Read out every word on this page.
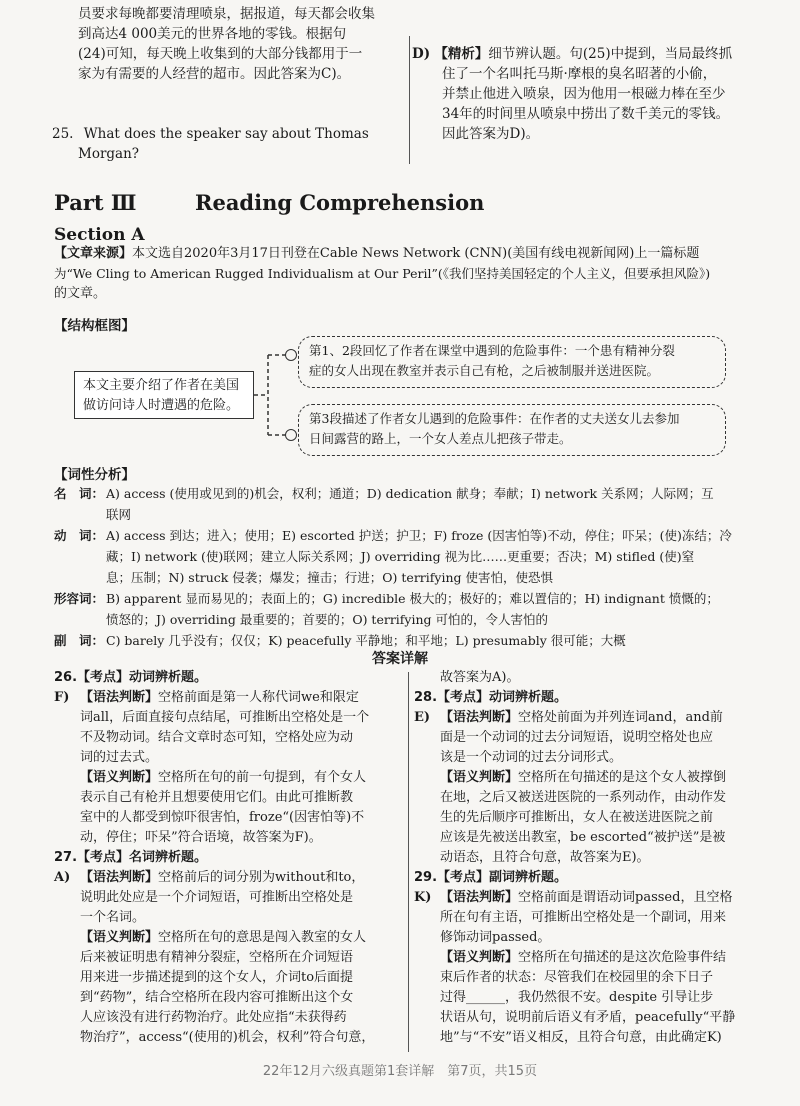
员要求每晚都要清理喷泉，据报道，每天都会收集
到高达4 000美元的世界各地的零钱。根据句
(24)可知，每天晚上收集到的大部分钱都用于一
家为有需要的人经营的超市。因此答案为C)。
25. What does the speaker say about Thomas
Morgan?
D) 【精析】细节辨认题。句(25)中提到，当局最终抓
住了一个名叫托马斯·摩根的臭名昭著的小偷，
并禁止他进入喷泉，因为他用一根磁力棒在至少
34年的时间里从喷泉中捞出了数千美元的零钱。
因此答案为D)。
Part Ⅲ	Reading Comprehension
Section A
【文章来源】本文选自2020年3月17日刊登在Cable News Network (CNN)(美国有线电视新闻网)上一篇标题
为“We Cling to American Rugged Individualism at Our Peril”(《我们坚持美国轻定的个人主义，但要承担风险》)
的文章。
【结构框图】
本文主要介绍了作者在美国
做访问诗人时遭遇的危险。
第1、2段回忆了作者在课堂中遇到的危险事件：一个患有精神分裂
症的女人出现在教室并表示自己有枪，之后被制服并送进医院。
第3段描述了作者女儿遇到的危险事件：在作者的丈夫送女儿去参加
日间露营的路上，一个女人差点儿把孩子带走。
【词性分析】
名　词： A) access (使用或见到的)机会，权利；通道；D) dedication 献身；奉献；I) network 关系网；人际网；互
联网
动　词： A) access 到达；进入；使用；E) escorted 护送；护卫；F) froze (因害怕等)不动，停住；吓呆；(使)冻结；冷
藏；I) network (使)联网；建立人际关系网；J) overriding 视为比……更重要；否决；M) stifled (使)窒
息；压制；N) struck 侵袭；爆发；撞击；行进；O) terrifying 使害怕，使恐惧
形容词： B) apparent 显而易见的；表面上的；G) incredible 极大的；极好的；难以置信的；H) indignant 愤慨的；
愤怒的；J) overriding 最重要的；首要的；O) terrifying 可怕的，令人害怕的
副　词： C) barely 几乎没有；仅仅；K) peacefully 平静地；和平地；L) presumably 很可能；大概
答案详解
26.【考点】动词辨析题。
F) 【语法判断】空格前面是第一人称代词we和限定
词all，后面直接句点结尾，可推断出空格处是一个
不及物动词。结合文章时态可知，空格处应为动
词的过去式。
【语义判断】空格所在句的前一句提到，有个女人
表示自己有枪并且想要使用它们。由此可推断教
室中的人都受到惊吓很害怕，froze“(因害怕等)不
动，停住；吓呆”符合语境，故答案为F)。
27.【考点】名词辨析题。
A) 【语法判断】空格前后的词分别为without和to，
说明此处应是一个介词短语，可推断出空格处是
一个名词。
【语义判断】空格所在句的意思是闯入教室的女人
后来被证明患有精神分裂症，空格所在介词短语
用来进一步描述提到的这个女人，介词to后面提
到“药物”，结合空格所在段内容可推断出这个女
人应该没有进行药物治疗。此处应指“未获得药
物治疗”，access“(使用的)机会，权利”符合句意，
故答案为A)。
28.【考点】动词辨析题。
E) 【语法判断】空格处前面为并列连词and，and前
面是一个动词的过去分词短语，说明空格处也应
该是一个动词的过去分词形式。
【语义判断】空格所在句描述的是这个女人被撑倒
在地，之后又被送进医院的一系列动作，由动作发
生的先后顺序可推断出，女人在被送进医院之前
应该是先被送出教室，be escorted“被护送”是被
动语态，且符合句意，故答案为E)。
29.【考点】副词辨析题。
K) 【语法判断】空格前面是谓语动词passed，且空格
所在句有主语，可推断出空格处是一个副词，用来
修饰动词passed。
【语义判断】空格所在句描述的是这次危险事件结
束后作者的状态：尽管我们在校园里的余下日子
过得______，我仍然很不安。despite 引导让步
状语从句，说明前后语义有矛盾，peacefully“平静
地”与“不安”语义相反，且符合句意，由此确定K)
22年12月六级真题第1套详解　第7页，共15页
